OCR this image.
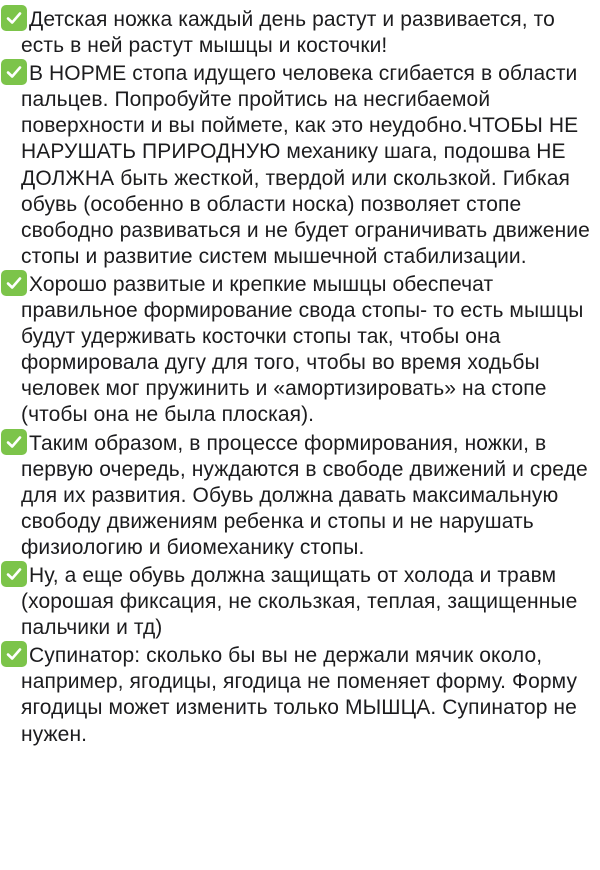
Детская ножка каждый день растут и развивается, то есть в ней растут мышцы и косточки!

В НОРМЕ стопа идущего человека сгибается в области пальцев. Попробуйте пройтись на несгибаемой поверхности и вы поймете, как это неудобно.ЧТОБЫ НЕ НАРУШАТЬ ПРИРОДНУЮ механику шага, подошва НЕ ДОЛЖНА быть жесткой, твердой или скользкой. Гибкая обувь (особенно в области носка) позволяет стопе свободно развиваться и не будет ограничивать движение стопы и развитие систем мышечной стабилизации.

Хорошо развитые и крепкие мышцы обеспечат правильное формирование свода стопы- то есть мышцы будут удерживать косточки стопы так, чтобы она формировала дугу для того, чтобы во время ходьбы человек мог пружинить и «амортизировать» на стопе (чтобы она не была плоская).

Таким образом, в процессе формирования, ножки, в первую очередь, нуждаются в свободе движений и среде для их развития. Обувь должна давать максимальную свободу движениям ребенка и стопы и не нарушать физиологию и биомеханику стопы.

Ну, а еще обувь должна защищать от холода и травм (хорошая фиксация, не скользкая, теплая, защищенные пальчики и тд)

Супинатор: сколько бы вы не держали мячик около, например, ягодицы, ягодица не поменяет форму. Форму ягодицы может изменить только МЫШЦА. Супинатор не нужен.
